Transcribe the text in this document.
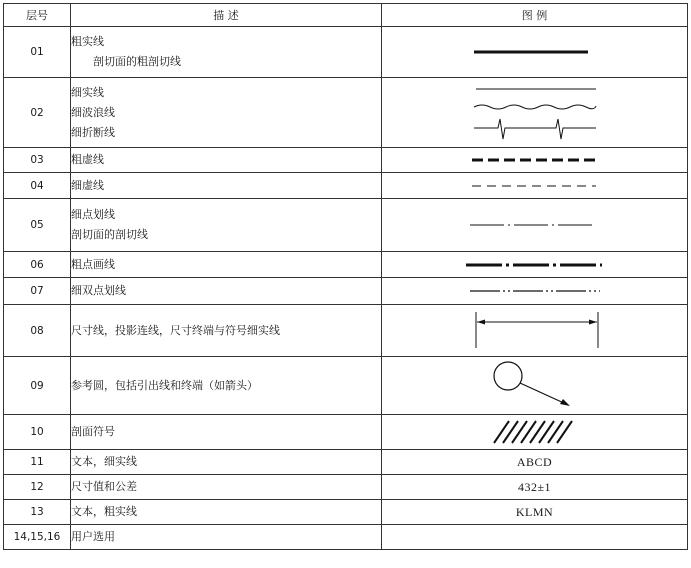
层号	描 述	图 例
01	粗实线
剖切面的粗剖切线

02	细实线
细波浪线
细折断线

03	粗虚线

04	细虚线

05	细点划线
剖切面的剖切线

06	粗点画线

07	细双点划线

08	尺寸线，投影连线，尺寸终端与符号细实线

09	参考圆，包括引出线和终端（如箭头）

10	剖面符号

11	文本，细实线	ABCD
12	尺寸值和公差	432±1
13	文本，粗实线	KLMN
14,15,16	用户选用	
